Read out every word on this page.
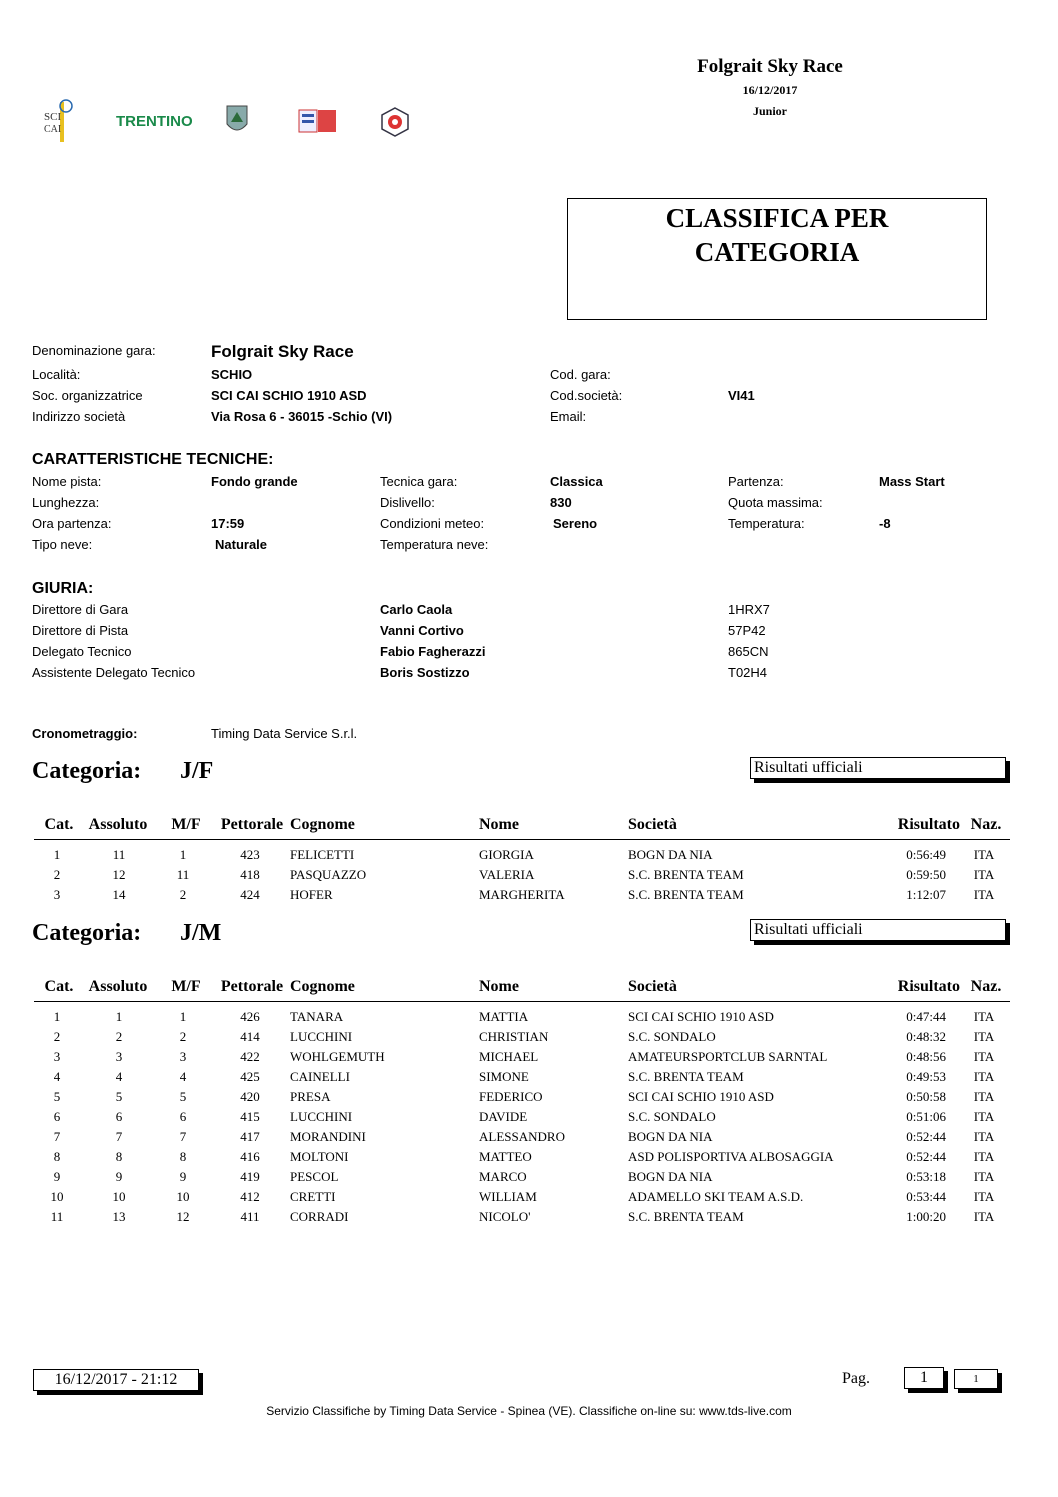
Folgrait Sky Race
16/12/2017
Junior
SCI
CAI	TRENTINO
CLASSIFICA PER
CATEGORIA
Denominazione gara:	Folgrait Sky Race
Località:	SCHIO	Cod. gara:
Soc. organizzatrice	SCI CAI SCHIO 1910 ASD	Cod.società:	VI41
Indirizzo società	Via Rosa 6 - 36015 -Schio (VI)	Email:
CARATTERISTICHE TECNICHE:
Nome pista:	Fondo grande	Tecnica gara:	Classica	Partenza:	Mass Start
Lunghezza:	Dislivello:	830	Quota massima:
Ora partenza:	17:59	Condizioni meteo:	Sereno	Temperatura:	-8
Tipo neve:	Naturale	Temperatura neve:
GIURIA:
Direttore di Gara	Carlo Caola	1HRX7
Direttore di Pista	Vanni Cortivo	57P42
Delegato Tecnico	Fabio Fagherazzi	865CN
Assistente Delegato Tecnico	Boris Sostizzo	T02H4
Cronometraggio:	Timing Data Service S.r.l.
Categoria: J/F	Risultati ufficiali
Cat. Assoluto	M/F	Pettorale Cognome	Nome	Società	Risultato Naz.
1	11	1	423	FELICETTI	GIORGIA	BOGN DA NIA	0:56:49	ITA
2	12	11	418	PASQUAZZO	VALERIA	S.C. BRENTA TEAM	0:59:50	ITA
3	14	2	424	HOFER	MARGHERITA	S.C. BRENTA TEAM	1:12:07	ITA
Categoria: J/M	Risultati ufficiali
Cat. Assoluto	M/F	Pettorale Cognome	Nome	Società	Risultato Naz.
1	1	1	426	TANARA	MATTIA	SCI CAI SCHIO 1910 ASD	0:47:44	ITA
2	2	2	414	LUCCHINI	CHRISTIAN	S.C. SONDALO	0:48:32	ITA
3	3	3	422	WOHLGEMUTH	MICHAEL	AMATEURSPORTCLUB SARNTAL	0:48:56	ITA
4	4	4	425	CAINELLI	SIMONE	S.C. BRENTA TEAM	0:49:53	ITA
5	5	5	420	PRESA	FEDERICO	SCI CAI SCHIO 1910 ASD	0:50:58	ITA
6	6	6	415	LUCCHINI	DAVIDE	S.C. SONDALO	0:51:06	ITA
7	7	7	417	MORANDINI	ALESSANDRO	BOGN DA NIA	0:52:44	ITA
8	8	8	416	MOLTONI	MATTEO	ASD POLISPORTIVA ALBOSAGGIA	0:52:44	ITA
9	9	9	419	PESCOL	MARCO	BOGN DA NIA	0:53:18	ITA
10	10	10	412	CRETTI	WILLIAM	ADAMELLO SKI TEAM A.S.D.	0:53:44	ITA
11	13	12	411	CORRADI	NICOLO'	S.C. BRENTA TEAM	1:00:20	ITA
16/12/2017 - 21:12	Pag.	1	1
Servizio Classifiche by Timing Data Service - Spinea (VE). Classifiche on-line su: www.tds-live.com
